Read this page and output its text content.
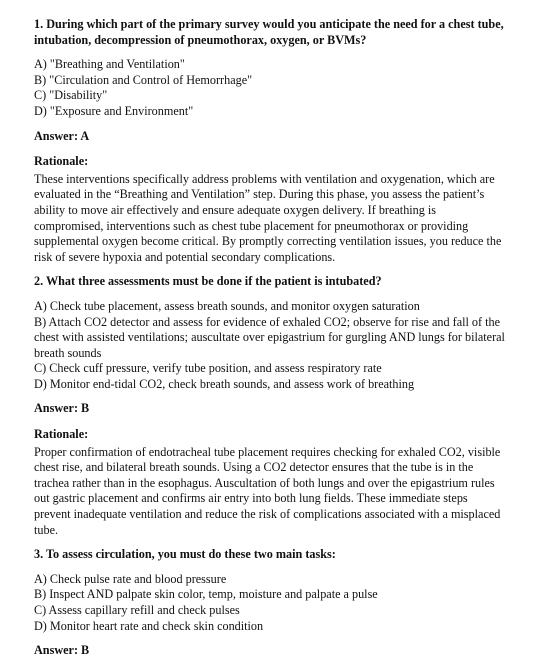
1. During which part of the primary survey would you anticipate the need for a chest tube, intubation, decompression of pneumothorax, oxygen, or BVMs?

A) "Breathing and Ventilation"

B) "Circulation and Control of Hemorrhage"

C) "Disability"

D) "Exposure and Environment"

Answer: A

Rationale:

These interventions specifically address problems with ventilation and oxygenation, which are evaluated in the “Breathing and Ventilation” step. During this phase, you assess the patient’s ability to move air effectively and ensure adequate oxygen delivery. If breathing is compromised, interventions such as chest tube placement for pneumothorax or providing supplemental oxygen become critical. By promptly correcting ventilation issues, you reduce the risk of severe hypoxia and potential secondary complications.

2. What three assessments must be done if the patient is intubated?

A) Check tube placement, assess breath sounds, and monitor oxygen saturation

B) Attach CO2 detector and assess for evidence of exhaled CO2; observe for rise and fall of the chest with assisted ventilations; auscultate over epigastrium for gurgling AND lungs for bilateral breath sounds

C) Check cuff pressure, verify tube position, and assess respiratory rate

D) Monitor end-tidal CO2, check breath sounds, and assess work of breathing

Answer: B

Rationale:

Proper confirmation of endotracheal tube placement requires checking for exhaled CO2, visible chest rise, and bilateral breath sounds. Using a CO2 detector ensures that the tube is in the trachea rather than in the esophagus. Auscultation of both lungs and over the epigastrium rules out gastric placement and confirms air entry into both lung fields. These immediate steps prevent inadequate ventilation and reduce the risk of complications associated with a misplaced tube.

3. To assess circulation, you must do these two main tasks:

A) Check pulse rate and blood pressure

B) Inspect AND palpate skin color, temp, moisture and palpate a pulse

C) Assess capillary refill and check pulses

D) Monitor heart rate and check skin condition

Answer: B
